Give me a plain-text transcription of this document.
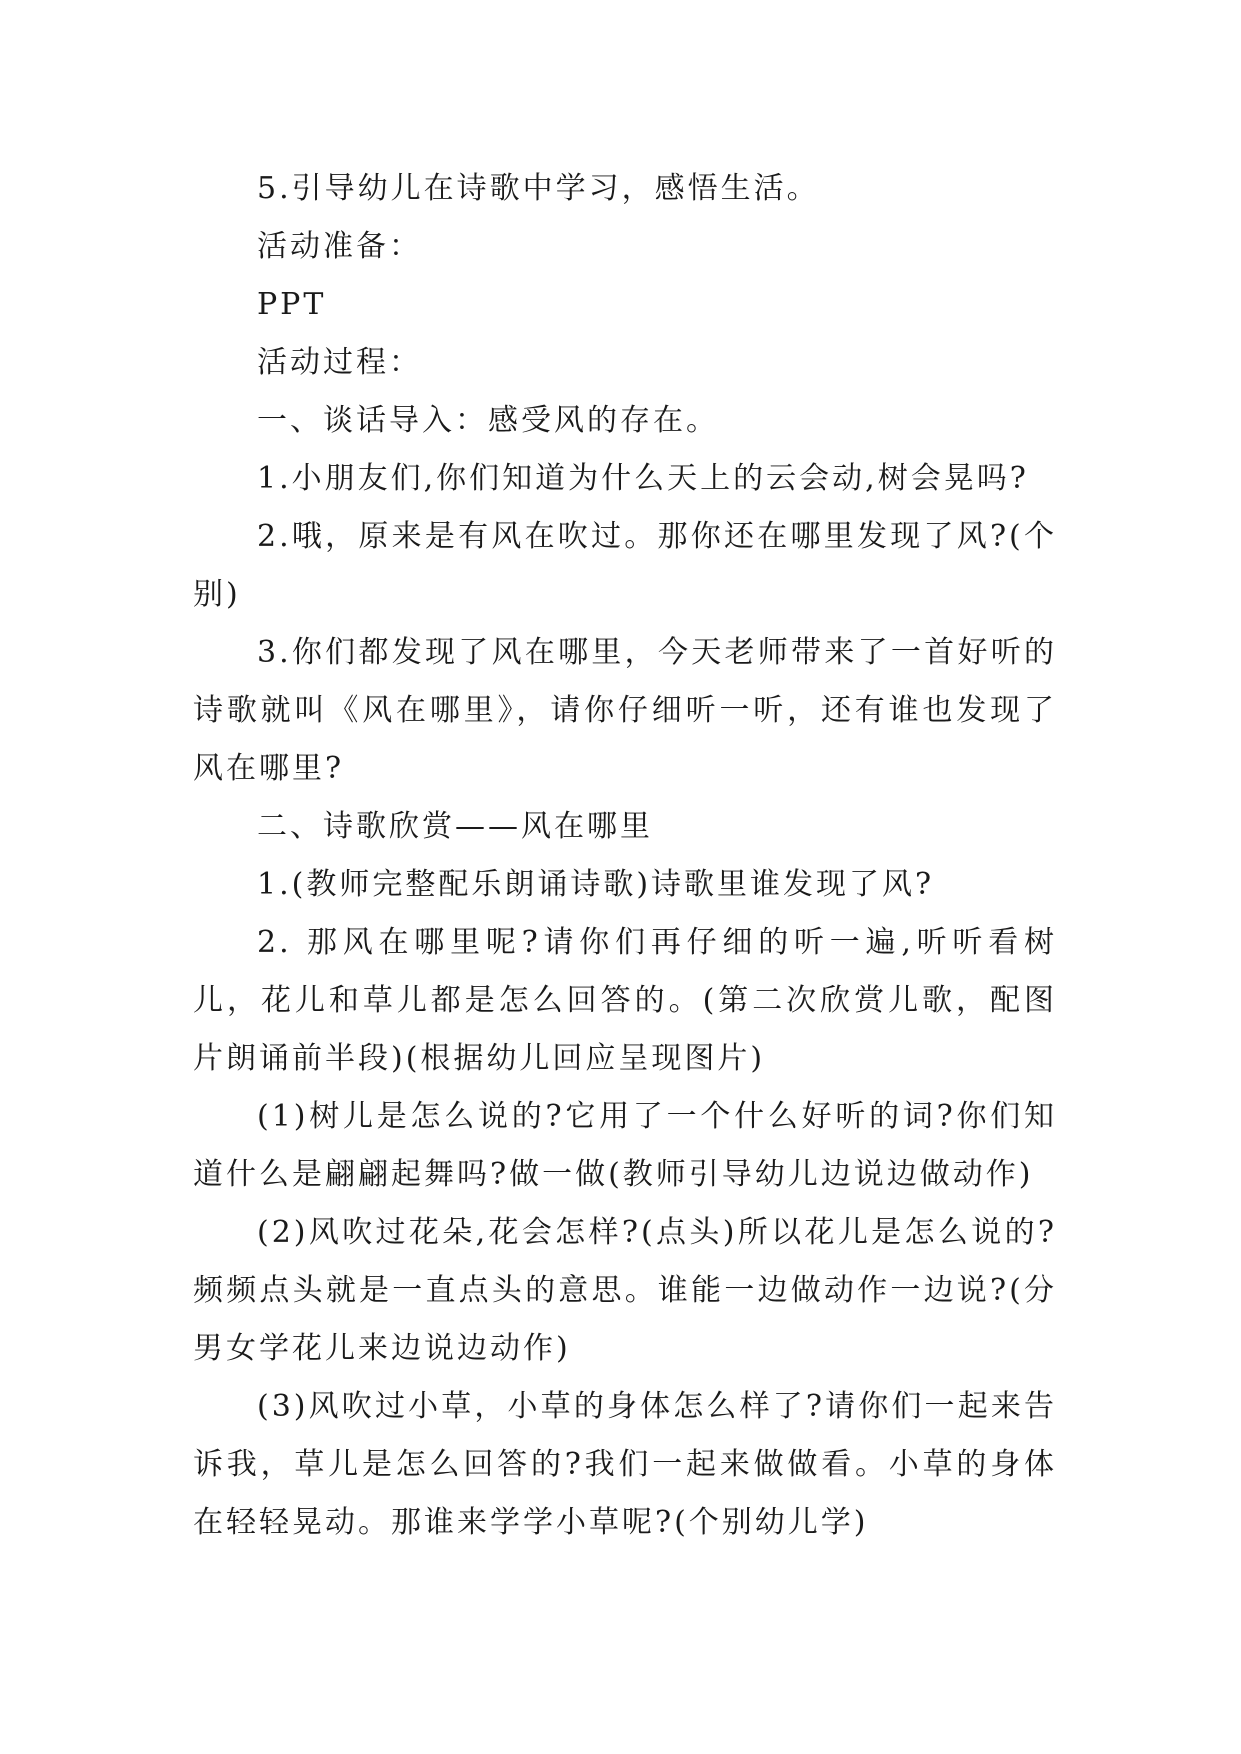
5.引导幼儿在诗歌中学习，感悟生活。

活动准备：

PPT

活动过程：

一、谈话导入：感受风的存在。

1.小朋友们,你们知道为什么天上的云会动,树会晃吗?

2.哦，原来是有风在吹过。那你还在哪里发现了风?(个别)

3.你们都发现了风在哪里，今天老师带来了一首好听的诗歌就叫《风在哪里》，请你仔细听一听，还有谁也发现了风在哪里?

二、诗歌欣赏——风在哪里

1.(教师完整配乐朗诵诗歌)诗歌里谁发现了风?

2. 那风在哪里呢?请你们再仔细的听一遍,听听看树儿，花儿和草儿都是怎么回答的。(第二次欣赏儿歌，配图片朗诵前半段)(根据幼儿回应呈现图片)

(1)树儿是怎么说的?它用了一个什么好听的词?你们知道什么是翩翩起舞吗?做一做(教师引导幼儿边说边做动作)

(2)风吹过花朵,花会怎样?(点头)所以花儿是怎么说的?频频点头就是一直点头的意思。谁能一边做动作一边说?(分男女学花儿来边说边动作)

(3)风吹过小草，小草的身体怎么样了?请你们一起来告诉我，草儿是怎么回答的?我们一起来做做看。小草的身体在轻轻晃动。那谁来学学小草呢?(个别幼儿学)
